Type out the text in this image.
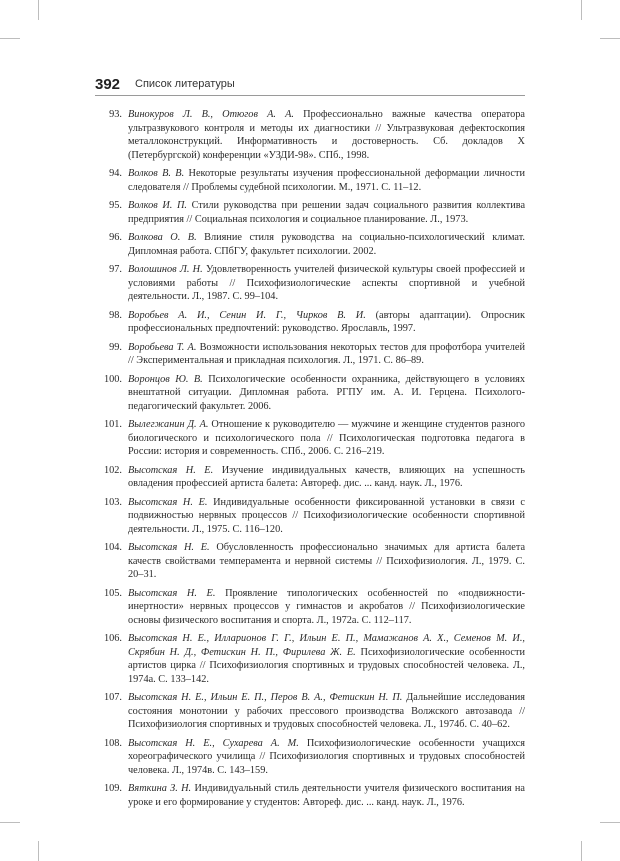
392 Список литературы
93. Винокуров Л. В., Отюгов А. А. Профессионально важные качества оператора ультразвукового контроля и методы их диагностики // Ультразвуковая дефектоскопия металлоконструкций. Информативность и достоверность. Сб. докладов X (Петербургской) конференции «УЗДИ-98». СПб., 1998.
94. Волков В. В. Некоторые результаты изучения профессиональной деформации личности следователя // Проблемы судебной психологии. М., 1971. С. 11–12.
95. Волков И. П. Стили руководства при решении задач социального развития коллектива предприятия // Социальная психология и социальное планирование. Л., 1973.
96. Волкова О. В. Влияние стиля руководства на социально-психологический климат. Дипломная работа. СПбГУ, факультет психологии. 2002.
97. Волошинов Л. Н. Удовлетворенность учителей физической культуры своей профессией и условиями работы // Психофизиологические аспекты спортивной и учебной деятельности. Л., 1987. С. 99–104.
98. Воробьев А. И., Сенин И. Г., Чирков В. И. (авторы адаптации). Опросник профессиональных предпочтений: руководство. Ярославль, 1997.
99. Воробьева Т. А. Возможности использования некоторых тестов для профотбора учителей // Экспериментальная и прикладная психология. Л., 1971. С. 86–89.
100. Воронцов Ю. В. Психологические особенности охранника, действующего в условиях внештатной ситуации. Дипломная работа. РГПУ им. А. И. Герцена. Психолого-педагогический факультет. 2006.
101. Вылегжанин Д. А. Отношение к руководителю — мужчине и женщине студентов разного биологического и психологического пола // Психологическая подготовка педагога в России: история и современность. СПб., 2006. С. 216–219.
102. Высотская Н. Е. Изучение индивидуальных качеств, влияющих на успешность овладения профессией артиста балета: Автореф. дис. ... канд. наук. Л., 1976.
103. Высотская Н. Е. Индивидуальные особенности фиксированной установки в связи с подвижностью нервных процессов // Психофизиологические особенности спортивной деятельности. Л., 1975. С. 116–120.
104. Высотская Н. Е. Обусловленность профессионально значимых для артиста балета качеств свойствами темперамента и нервной системы // Психофизиология. Л., 1979. С. 20–31.
105. Высотская Н. Е. Проявление типологических особенностей по «подвижности-инертности» нервных процессов у гимнастов и акробатов // Психофизиологические основы физического воспитания и спорта. Л., 1972а. С. 112–117.
106. Высотская Н. Е., Илларионов Г. Г., Ильин Е. П., Мамажанов А. Х., Семенов М. И., Скрябин Н. Д., Фетискин Н. П., Фирилева Ж. Е. Психофизиологические особенности артистов цирка // Психофизиология спортивных и трудовых способностей человека. Л., 1974а. С. 133–142.
107. Высотская Н. Е., Ильин Е. П., Перов В. А., Фетискин Н. П. Дальнейшие исследования состояния монотонии у рабочих прессового производства Волжского автозавода // Психофизиология спортивных и трудовых способностей человека. Л., 1974б. С. 40–62.
108. Высотская Н. Е., Сухарева А. М. Психофизиологические особенности учащихся хореографического училища // Психофизиология спортивных и трудовых способностей человека. Л., 1974в. С. 143–159.
109. Вяткина З. Н. Индивидуальный стиль деятельности учителя физического воспитания на уроке и его формирование у студентов: Автореф. дис. ... канд. наук. Л., 1976.
